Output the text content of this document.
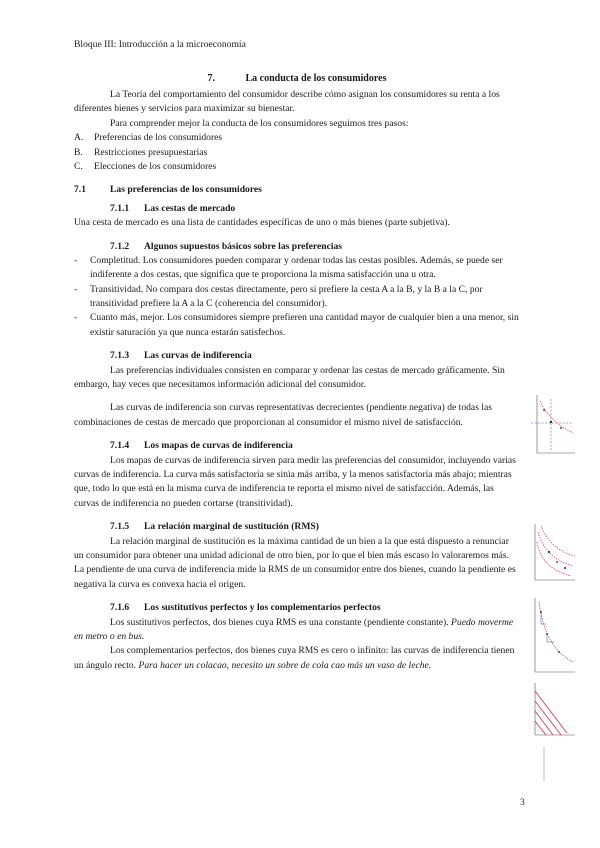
Bloque III: Introducción a la microeconomía
7.	La conducta de los consumidores

La Teoría del comportamiento del consumidor describe cómo asignan los consumidores su renta a los diferentes bienes y servicios para maximizar su bienestar.

Para comprender mejor la conducta de los consumidores seguimos tres pasos:

A.	Preferencias de los consumidores
B.	Restricciones presupuestarias
C.	Elecciones de los consumidores
7.1	Las preferencias de los consumidores
7.1.1	Las cestas de mercado

Una cesta de mercado es una lista de cantidades específicas de uno o más bienes (parte subjetiva).

7.1.2	Algunos supuestos básicos sobre las preferencias
-	Completitud. Los consumidores pueden comparar y ordenar todas las cestas posibles. Además, se puede ser indiferente a dos cestas, que significa que te proporciona la misma satisfacción una u otra.
-	Transitividad. No compara dos cestas directamente, pero si prefiere la cesta A a la B, y la B a la C, por transitividad prefiere la A a la C (coherencia del consumidor).
-	Cuanto más, mejor. Los consumidores siempre prefieren una cantidad mayor de cualquier bien a una menor, sin existir saturación ya que nunca estarán satisfechos.
7.1.3	Las curvas de indiferencia

Las preferencias individuales consisten en comparar y ordenar las cestas de mercado gráficamente. Sin embargo, hay veces que necesitamos información adicional del consumidor.

Las curvas de indiferencia son curvas representativas decrecientes (pendiente negativa) de todas las combinaciones de cestas de mercado que proporcionan al consumidor el mismo nivel de satisfacción.

7.1.4	Los mapas de curvas de indiferencia

Los mapas de curvas de indiferencia sirven para medir las preferencias del consumidor, incluyendo varias curvas de indiferencia. La curva más satisfactoria se sitúa más arriba, y la menos satisfactoria más abajo; mientras que, todo lo que está en la misma curva de indiferencia te reporta el mismo nivel de satisfacción. Además, las curvas de indiferencia no pueden cortarse (transitividad).

7.1.5	La relación marginal de sustitución (RMS)

La relación marginal de sustitución es la máxima cantidad de un bien a la que está dispuesto a renunciar un consumidor para obtener una unidad adicional de otro bien, por lo que el bien más escaso lo valoraremos más. La pendiente de una curva de indiferencia mide la RMS de un consumidor entre dos bienes, cuando la pendiente es negativa la curva es convexa hacia el origen.

7.1.6	Los sustitutivos perfectos y los complementarios perfectos

Los sustitutivos perfectos, dos bienes cuya RMS es una constante (pendiente constante). Puedo moverme en metro o en bus.

Los complementarios perfectos, dos bienes cuya RMS es cero o infinito: las curvas de indiferencia tienen un ángulo recto. Para hacer un colacao, necesito un sobre de cola cao más un vaso de leche.

3
